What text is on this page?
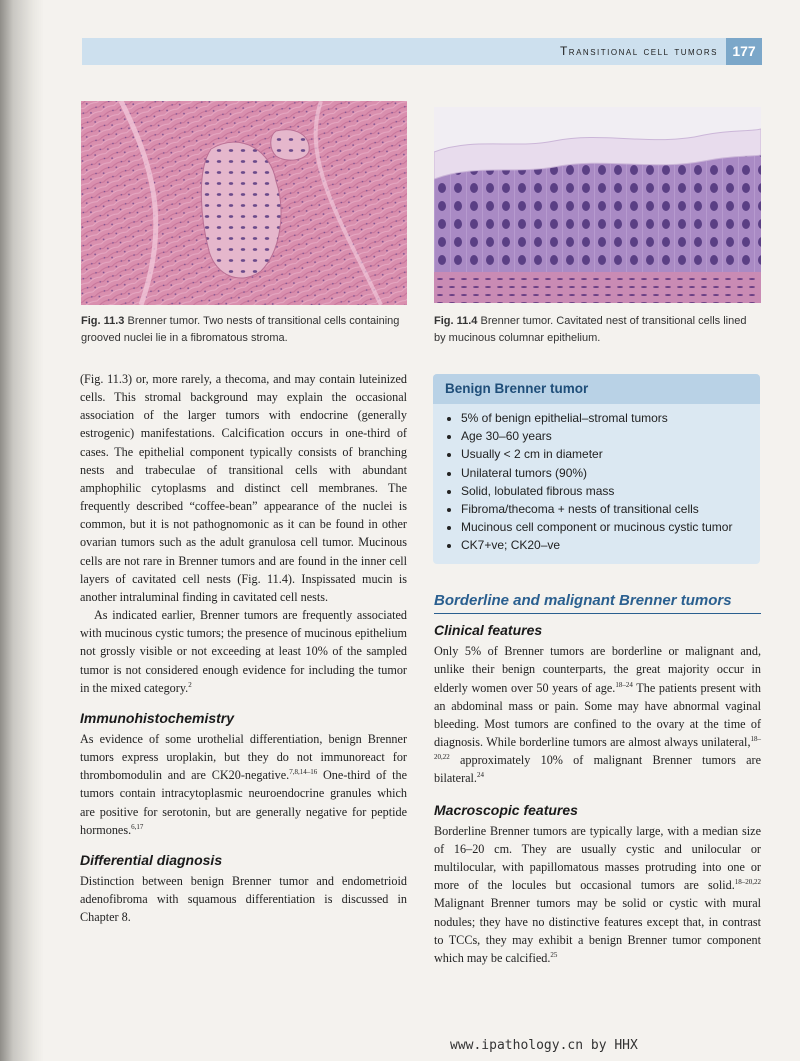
Transitional cell tumors	177
Fig. 11.3 Brenner tumor. Two nests of transitional cells containing grooved nuclei lie in a fibromatous stroma.
Fig. 11.4 Brenner tumor. Cavitated nest of transitional cells lined by mucinous columnar epithelium.

(Fig. 11.3) or, more rarely, a thecoma, and may contain luteinized cells. This stromal background may explain the occasional association of the larger tumors with endocrine (generally estrogenic) manifestations. Calcification occurs in one-third of cases. The epithelial component typically consists of branching nests and trabeculae of transitional cells with abundant amphophilic cytoplasms and distinct cell membranes. The frequently described “coffee-bean” appearance of the nuclei is common, but it is not pathognomonic as it can be found in other ovarian tumors such as the adult granulosa cell tumor. Mucinous cells are not rare in Brenner tumors and are found in the inner cell layers of cavitated cell nests (Fig. 11.4). Inspissated mucin is another intraluminal finding in cavitated cell nests.

As indicated earlier, Brenner tumors are frequently associated with mucinous cystic tumors; the presence of mucinous epithelium not grossly visible or not exceeding at least 10% of the sampled tumor is not considered enough evidence for including the tumor in the mixed category.$^2$

Immunohistochemistry

As evidence of some urothelial differentiation, benign Brenner tumors express uroplakin, but they do not immunoreact for thrombomodulin and are CK20-negative.$^{7,8,14-16}$ One-third of the tumors contain intracytoplasmic neuroendocrine granules which are positive for serotonin, but are generally negative for peptide hormones.$^{6,17}$

Differential diagnosis

Distinction between benign Brenner tumor and endometrioid adenofibroma with squamous differentiation is discussed in Chapter 8.

Benign Brenner tumor
• 5% of benign epithelial–stromal tumors
• Age 30–60 years
• Usually < 2 cm in diameter
• Unilateral tumors (90%)
• Solid, lobulated fibrous mass
• Fibroma/thecoma + nests of transitional cells
• Mucinous cell component or mucinous cystic tumor
• CK7+ve; CK20–ve
Borderline and malignant Brenner tumors
Clinical features

Only 5% of Brenner tumors are borderline or malignant and, unlike their benign counterparts, the great majority occur in elderly women over 50 years of age.$^{18-24}$ The patients present with an abdominal mass or pain. Some may have abnormal vaginal bleeding. Most tumors are confined to the ovary at the time of diagnosis. While borderline tumors are almost always unilateral,$^{18-20,22}$ approximately 10% of malignant Brenner tumors are bilateral.$^{24}$

Macroscopic features

Borderline Brenner tumors are typically large, with a median size of 16–20 cm. They are usually cystic and unilocular or multilocular, with papillomatous masses protruding into one or more of the locules but occasional tumors are solid.$^{18-20,22}$ Malignant Brenner tumors may be solid or cystic with mural nodules; they have no distinctive features except that, in contrast to TCCs, they may exhibit a benign Brenner tumor component which may be calcified.$^{25}$

www.ipathology.cn by HHX
